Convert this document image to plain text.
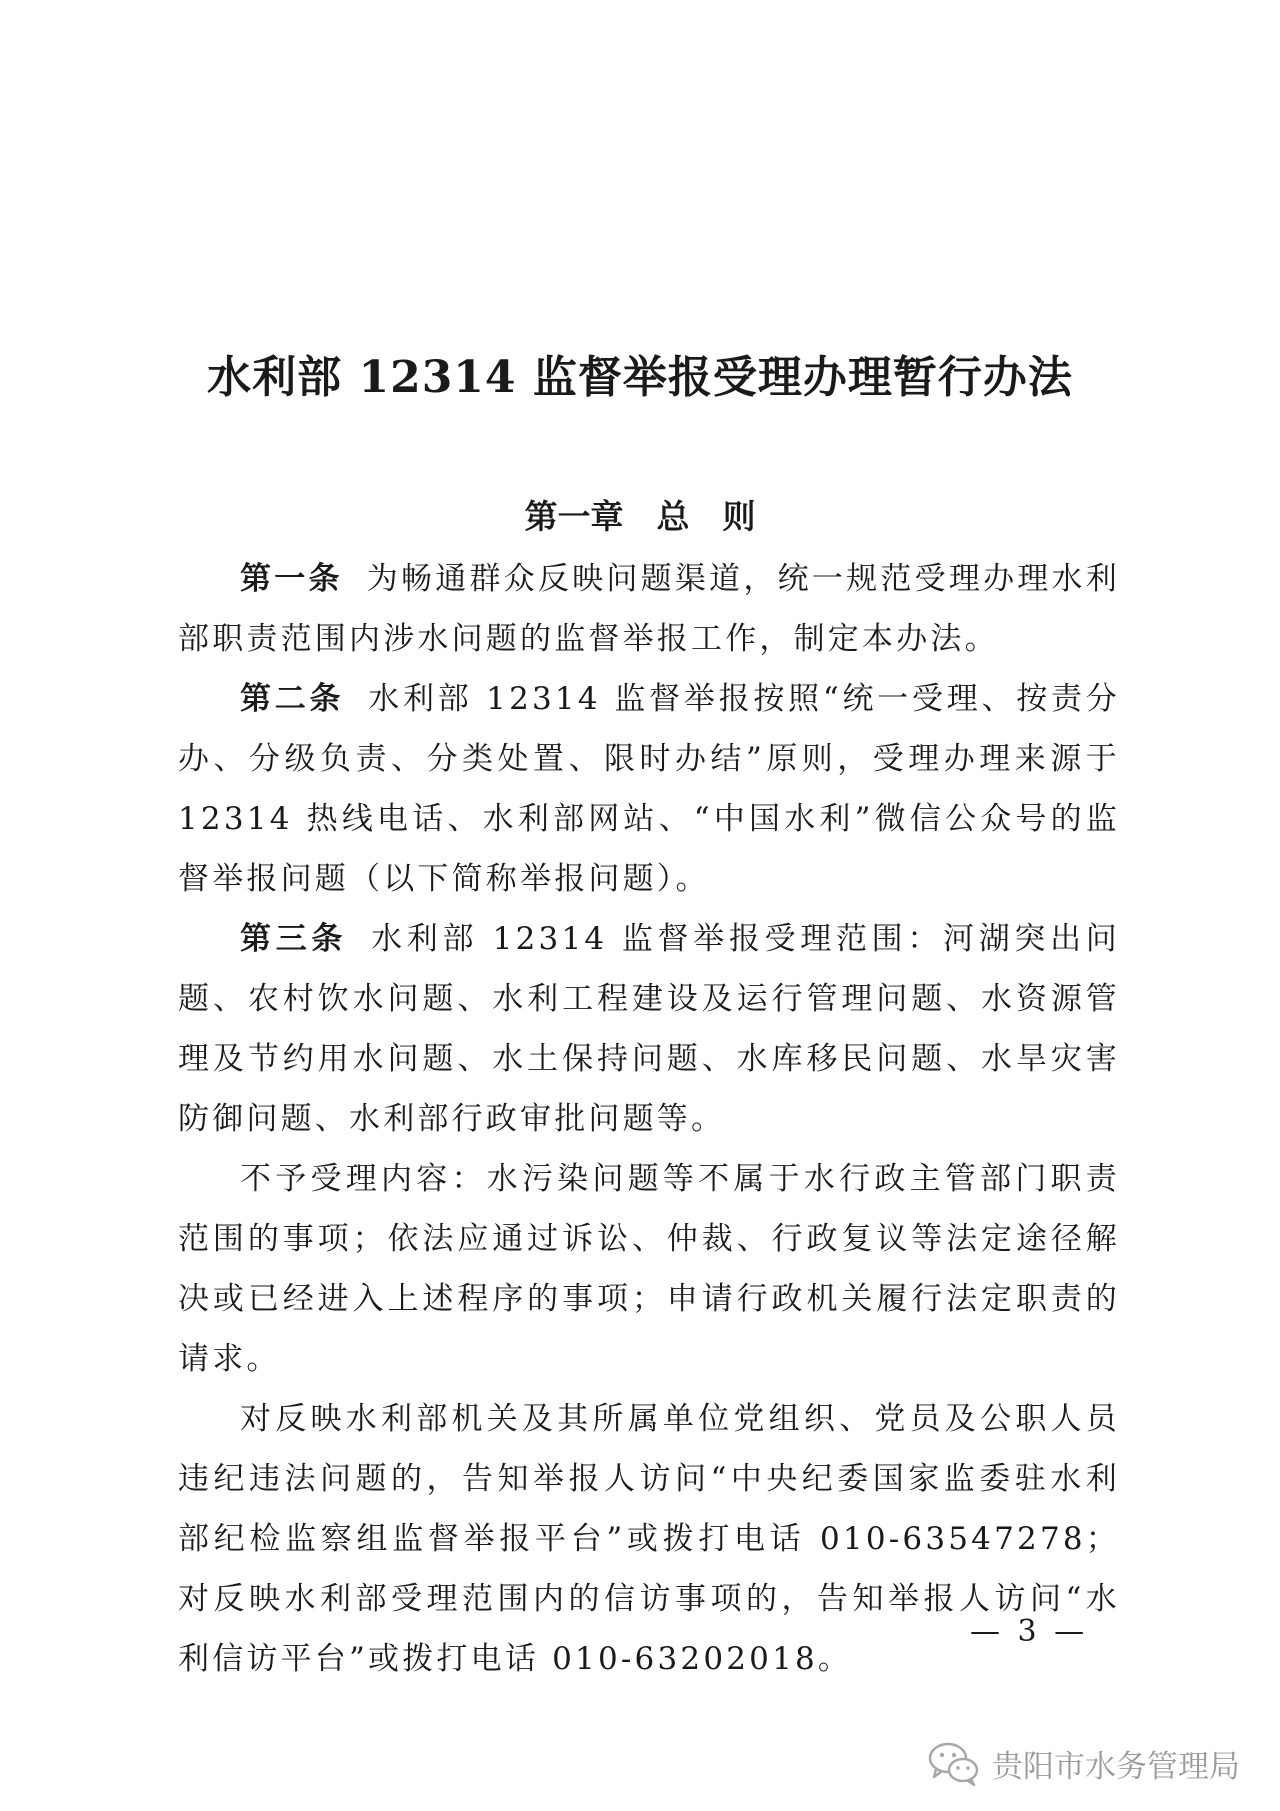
水利部 12314 监督举报受理办理暂行办法
第一章　总　则

第一条 为畅通群众反映问题渠道，统一规范受理办理水利部职责范围内涉水问题的监督举报工作，制定本办法。

第二条 水利部 12314 监督举报按照“统一受理、按责分办、分级负责、分类处置、限时办结”原则，受理办理来源于 12314 热线电话、水利部网站、“中国水利”微信公众号的监督举报问题（以下简称举报问题）。

第三条 水利部 12314 监督举报受理范围：河湖突出问题、农村饮水问题、水利工程建设及运行管理问题、水资源管理及节约用水问题、水土保持问题、水库移民问题、水旱灾害防御问题、水利部行政审批问题等。

不予受理内容：水污染问题等不属于水行政主管部门职责范围的事项；依法应通过诉讼、仲裁、行政复议等法定途径解决或已经进入上述程序的事项；申请行政机关履行法定职责的请求。

对反映水利部机关及其所属单位党组织、党员及公职人员违纪违法问题的，告知举报人访问“中央纪委国家监委驻水利部纪检监察组监督举报平台”或拨打电话 010-63547278；对反映水利部受理范围内的信访事项的，告知举报人访问“水利信访平台”或拨打电话 010-63202018。

— 3 —
贵阳市水务管理局
